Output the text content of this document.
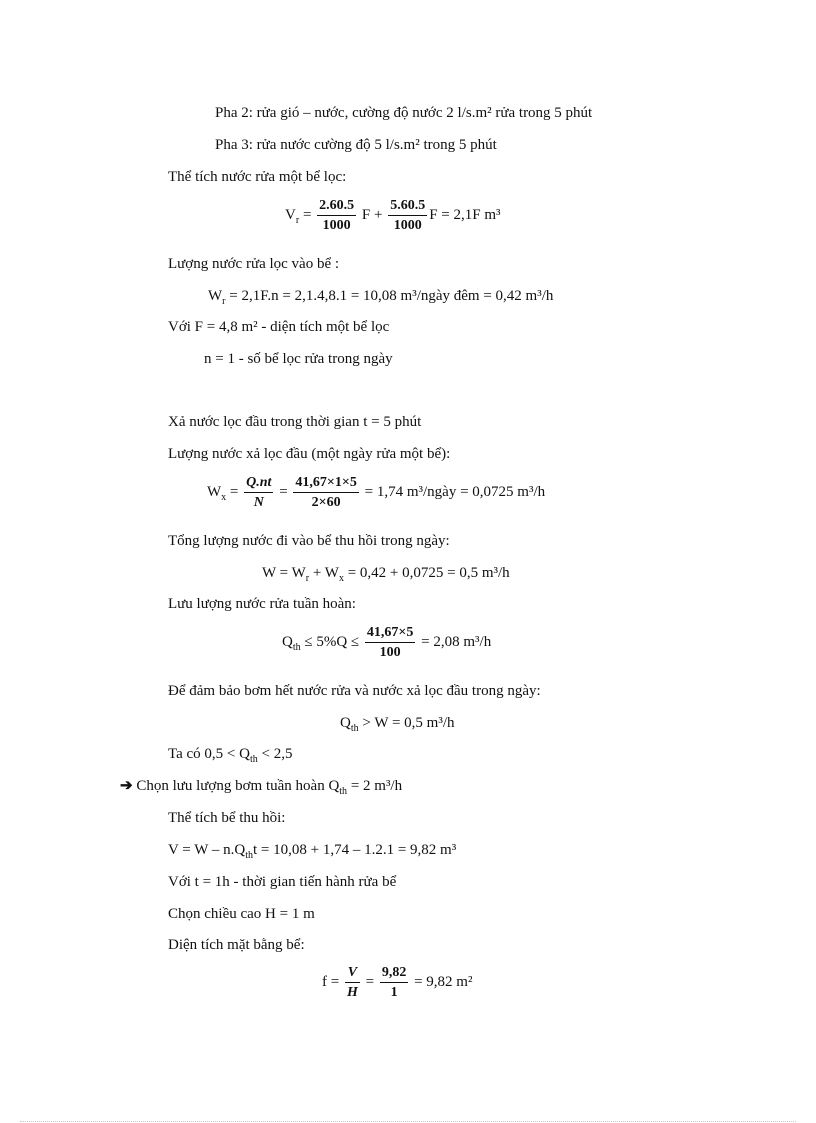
Pha 2: rửa gió – nước, cường độ nước 2 l/s.m² rửa trong 5 phút
Pha 3: rửa nước cường độ 5 l/s.m² trong 5 phút
Thể tích nước rửa một bể lọc:
$V_r = \frac{2.60.5}{1000}$ $F + \frac{5.60.5}{1000}$ F = 2,1F m³
Lượng nước rửa lọc vào bể :
$W_r = 2,1F.n = 2,1.4,8.1 = 10,08$ m³/ngày đêm = 0,42 m³/h
Với F = 4,8 m² - diện tích một bể lọc
n = 1 - số bể lọc rửa trong ngày
Xả nước lọc đầu trong thời gian t = 5 phút
Lượng nước xả lọc đầu (một ngày rửa một bể):
$W_x = \frac{Q.nt}{N} = \frac{41,67\times 1\times 5}{2\times 60} = 1,74$ m³/ngày = 0,0725 m³/h
Tổng lượng nước đi vào bể thu hồi trong ngày:
$W = W_r + W_x = 0,42 + 0,0725 = 0,5$ m³/h
Lưu lượng nước rửa tuần hoàn:
$Q_{th} \le 5\%Q \le \frac{41,67\times 5}{100} = 2,08$ m³/h
Để đảm bảo bơm hết nước rửa và nước xả lọc đầu trong ngày:
$Q_{th} > W = 0,5$ m³/h
Ta có $0,5 < Q_{th} < 2,5$
➔ Chọn lưu lượng bơm tuần hoàn $Q_{th} = 2$ m³/h
Thể tích bể thu hồi:
$V = W - n.Q_{th}t = 10,08 + 1,74 - 1.2.1 = 9,82$ m³
Với t = 1h - thời gian tiến hành rửa bể
Chọn chiều cao H = 1 m
Diện tích mặt bằng bể:
$f = \frac{V}{H} = \frac{9,82}{1} = 9,82$ m²
